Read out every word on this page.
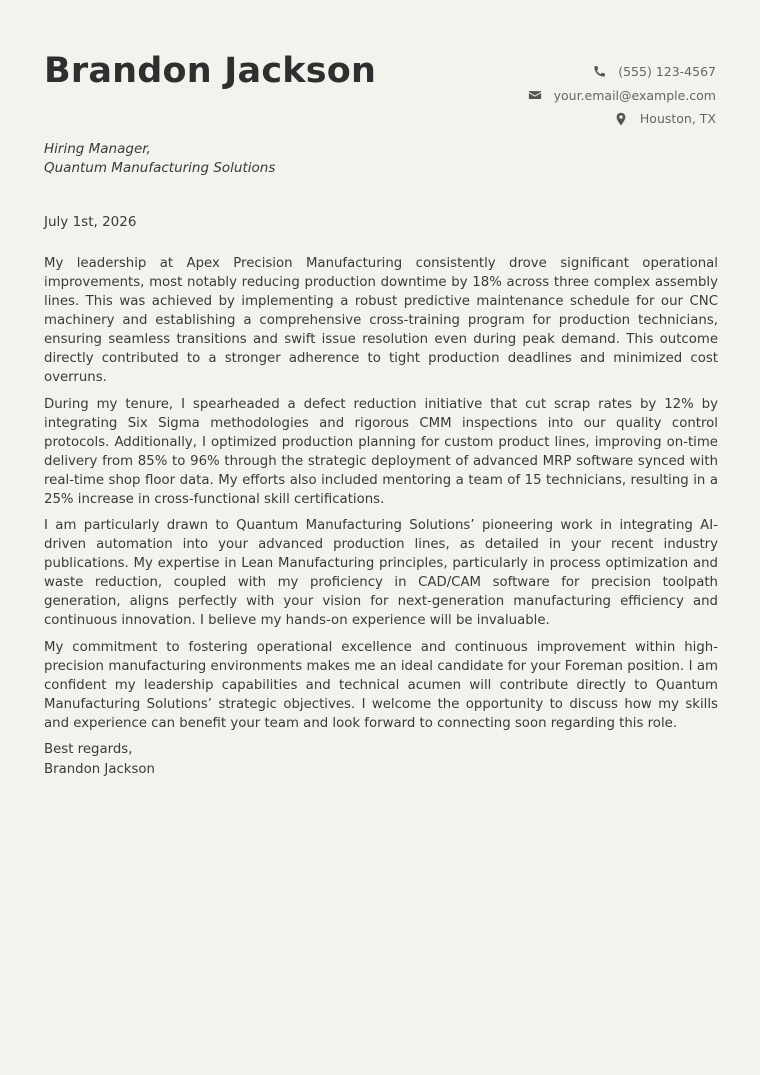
Brandon Jackson	(555) 123-4567
your.email@example.com
Houston, TX
Hiring Manager,
Quantum Manufacturing Solutions
July 1st, 2026

My leadership at Apex Precision Manufacturing consistently drove significant operational improvements, most notably reducing production downtime by 18% across three complex assembly lines. This was achieved by implementing a robust predictive maintenance schedule for our CNC machinery and establishing a comprehensive cross-training program for production technicians, ensuring seamless transitions and swift issue resolution even during peak demand. This outcome directly contributed to a stronger adherence to tight production deadlines and minimized cost overruns.

During my tenure, I spearheaded a defect reduction initiative that cut scrap rates by 12% by integrating Six Sigma methodologies and rigorous CMM inspections into our quality control protocols. Additionally, I optimized production planning for custom product lines, improving on-time delivery from 85% to 96% through the strategic deployment of advanced MRP software synced with real-time shop floor data. My efforts also included mentoring a team of 15 technicians, resulting in a 25% increase in cross-functional skill certifications.

I am particularly drawn to Quantum Manufacturing Solutions’ pioneering work in integrating AI-driven automation into your advanced production lines, as detailed in your recent industry publications. My expertise in Lean Manufacturing principles, particularly in process optimization and waste reduction, coupled with my proficiency in CAD/CAM software for precision toolpath generation, aligns perfectly with your vision for next-generation manufacturing efficiency and continuous innovation. I believe my hands-on experience will be invaluable.

My commitment to fostering operational excellence and continuous improvement within high-precision manufacturing environments makes me an ideal candidate for your Foreman position. I am confident my leadership capabilities and technical acumen will contribute directly to Quantum Manufacturing Solutions’ strategic objectives. I welcome the opportunity to discuss how my skills and experience can benefit your team and look forward to connecting soon regarding this role.

Best regards,
Brandon Jackson
